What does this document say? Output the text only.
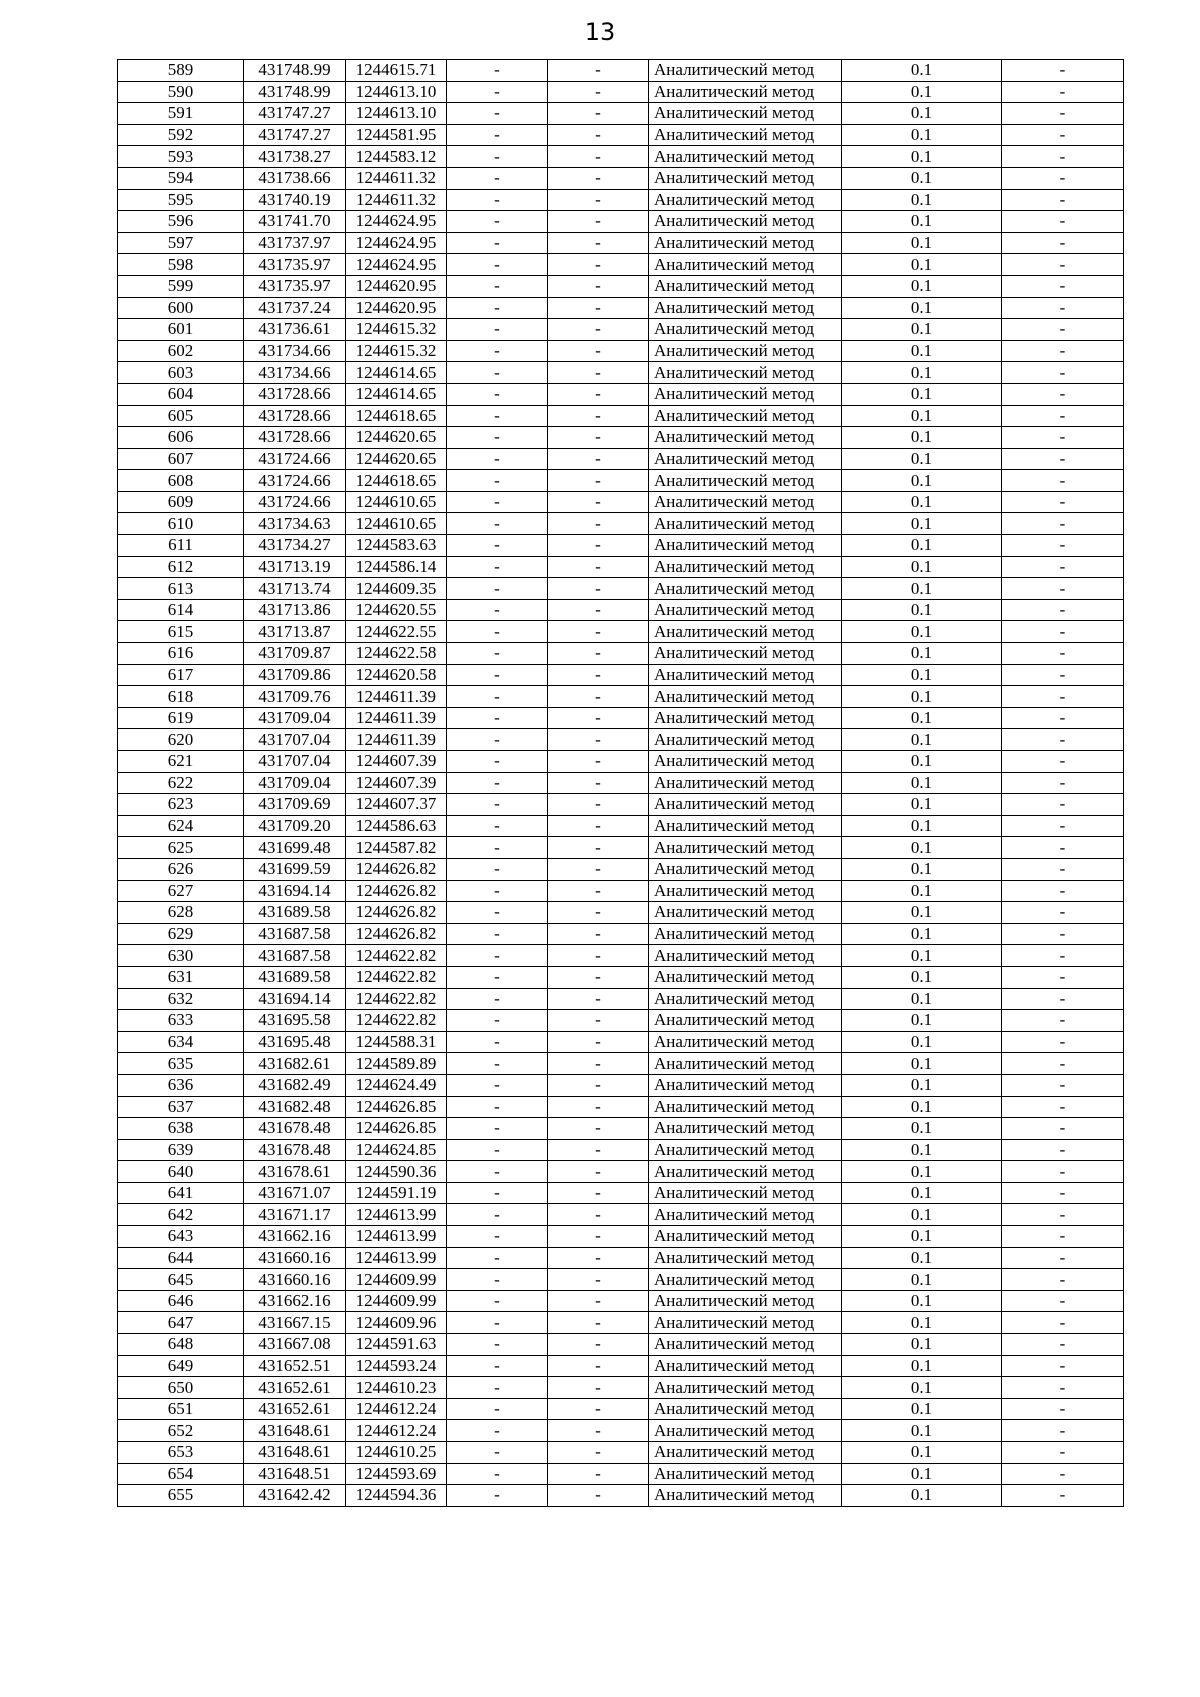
13
589	431748.99	1244615.71	-	-	Аналитический метод	0.1	-
590	431748.99	1244613.10	-	-	Аналитический метод	0.1	-
591	431747.27	1244613.10	-	-	Аналитический метод	0.1	-
592	431747.27	1244581.95	-	-	Аналитический метод	0.1	-
593	431738.27	1244583.12	-	-	Аналитический метод	0.1	-
594	431738.66	1244611.32	-	-	Аналитический метод	0.1	-
595	431740.19	1244611.32	-	-	Аналитический метод	0.1	-
596	431741.70	1244624.95	-	-	Аналитический метод	0.1	-
597	431737.97	1244624.95	-	-	Аналитический метод	0.1	-
598	431735.97	1244624.95	-	-	Аналитический метод	0.1	-
599	431735.97	1244620.95	-	-	Аналитический метод	0.1	-
600	431737.24	1244620.95	-	-	Аналитический метод	0.1	-
601	431736.61	1244615.32	-	-	Аналитический метод	0.1	-
602	431734.66	1244615.32	-	-	Аналитический метод	0.1	-
603	431734.66	1244614.65	-	-	Аналитический метод	0.1	-
604	431728.66	1244614.65	-	-	Аналитический метод	0.1	-
605	431728.66	1244618.65	-	-	Аналитический метод	0.1	-
606	431728.66	1244620.65	-	-	Аналитический метод	0.1	-
607	431724.66	1244620.65	-	-	Аналитический метод	0.1	-
608	431724.66	1244618.65	-	-	Аналитический метод	0.1	-
609	431724.66	1244610.65	-	-	Аналитический метод	0.1	-
610	431734.63	1244610.65	-	-	Аналитический метод	0.1	-
611	431734.27	1244583.63	-	-	Аналитический метод	0.1	-
612	431713.19	1244586.14	-	-	Аналитический метод	0.1	-
613	431713.74	1244609.35	-	-	Аналитический метод	0.1	-
614	431713.86	1244620.55	-	-	Аналитический метод	0.1	-
615	431713.87	1244622.55	-	-	Аналитический метод	0.1	-
616	431709.87	1244622.58	-	-	Аналитический метод	0.1	-
617	431709.86	1244620.58	-	-	Аналитический метод	0.1	-
618	431709.76	1244611.39	-	-	Аналитический метод	0.1	-
619	431709.04	1244611.39	-	-	Аналитический метод	0.1	-
620	431707.04	1244611.39	-	-	Аналитический метод	0.1	-
621	431707.04	1244607.39	-	-	Аналитический метод	0.1	-
622	431709.04	1244607.39	-	-	Аналитический метод	0.1	-
623	431709.69	1244607.37	-	-	Аналитический метод	0.1	-
624	431709.20	1244586.63	-	-	Аналитический метод	0.1	-
625	431699.48	1244587.82	-	-	Аналитический метод	0.1	-
626	431699.59	1244626.82	-	-	Аналитический метод	0.1	-
627	431694.14	1244626.82	-	-	Аналитический метод	0.1	-
628	431689.58	1244626.82	-	-	Аналитический метод	0.1	-
629	431687.58	1244626.82	-	-	Аналитический метод	0.1	-
630	431687.58	1244622.82	-	-	Аналитический метод	0.1	-
631	431689.58	1244622.82	-	-	Аналитический метод	0.1	-
632	431694.14	1244622.82	-	-	Аналитический метод	0.1	-
633	431695.58	1244622.82	-	-	Аналитический метод	0.1	-
634	431695.48	1244588.31	-	-	Аналитический метод	0.1	-
635	431682.61	1244589.89	-	-	Аналитический метод	0.1	-
636	431682.49	1244624.49	-	-	Аналитический метод	0.1	-
637	431682.48	1244626.85	-	-	Аналитический метод	0.1	-
638	431678.48	1244626.85	-	-	Аналитический метод	0.1	-
639	431678.48	1244624.85	-	-	Аналитический метод	0.1	-
640	431678.61	1244590.36	-	-	Аналитический метод	0.1	-
641	431671.07	1244591.19	-	-	Аналитический метод	0.1	-
642	431671.17	1244613.99	-	-	Аналитический метод	0.1	-
643	431662.16	1244613.99	-	-	Аналитический метод	0.1	-
644	431660.16	1244613.99	-	-	Аналитический метод	0.1	-
645	431660.16	1244609.99	-	-	Аналитический метод	0.1	-
646	431662.16	1244609.99	-	-	Аналитический метод	0.1	-
647	431667.15	1244609.96	-	-	Аналитический метод	0.1	-
648	431667.08	1244591.63	-	-	Аналитический метод	0.1	-
649	431652.51	1244593.24	-	-	Аналитический метод	0.1	-
650	431652.61	1244610.23	-	-	Аналитический метод	0.1	-
651	431652.61	1244612.24	-	-	Аналитический метод	0.1	-
652	431648.61	1244612.24	-	-	Аналитический метод	0.1	-
653	431648.61	1244610.25	-	-	Аналитический метод	0.1	-
654	431648.51	1244593.69	-	-	Аналитический метод	0.1	-
655	431642.42	1244594.36	-	-	Аналитический метод	0.1	-
